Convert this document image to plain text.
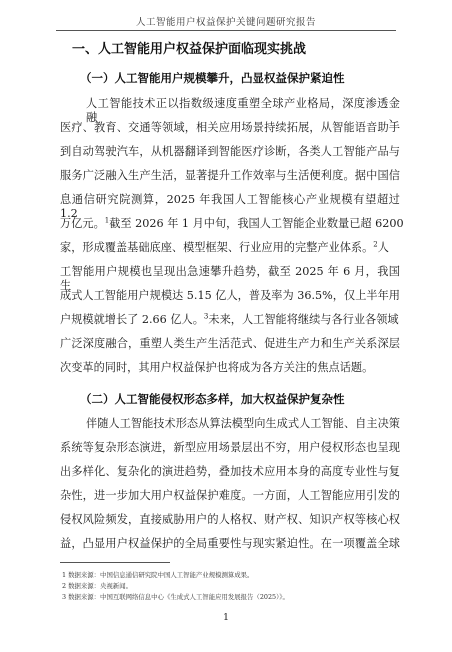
人工智能用户权益保护关键问题研究报告
一、人工智能用户权益保护面临现实挑战
（一）人工智能用户规模攀升，凸显权益保护紧迫性
人工智能技术正以指数级速度重塑全球产业格局，深度渗透金融、
医疗、教育、交通等领域，相关应用场景持续拓展，从智能语音助手
到自动驾驶汽车，从机器翻译到智能医疗诊断，各类人工智能产品与
服务广泛融入生产生活，显著提升工作效率与生活便利度。据中国信
息通信研究院测算，2025 年我国人工智能核心产业规模有望超过 1.2
万亿元。$^1$截至 2026 年 1 月中旬，我国人工智能企业数量已超 6200
家，形成覆盖基础底座、模型框架、行业应用的完整产业体系。$^2$人
工智能用户规模也呈现出急速攀升趋势，截至 2025 年 6 月，我国生
成式人工智能用户规模达 5.15 亿人，普及率为 36.5%，仅上半年用
户规模就增长了 2.66 亿人。$^3$未来，人工智能将继续与各行业各领域
广泛深度融合，重塑人类生产生活范式、促进生产力和生产关系深层
次变革的同时，其用户权益保护也将成为各方关注的焦点话题。
（二）人工智能侵权形态多样，加大权益保护复杂性
伴随人工智能技术形态从算法模型向生成式人工智能、自主决策
系统等复杂形态演进，新型应用场景层出不穷，用户侵权形态也呈现
出多样化、复杂化的演进趋势，叠加技术应用本身的高度专业性与复
杂性，进一步加大用户权益保护难度。一方面，人工智能应用引发的
侵权风险频发，直接威胁用户的人格权、财产权、知识产权等核心权
益，凸显用户权益保护的全局重要性与现实紧迫性。在一项覆盖全球
1 数据来源：中国信息通信研究院中国人工智能产业规模测算成果。
2 数据来源：央视新闻。
3 数据来源：中国互联网络信息中心《生成式人工智能应用发展报告（2025）》。
1
